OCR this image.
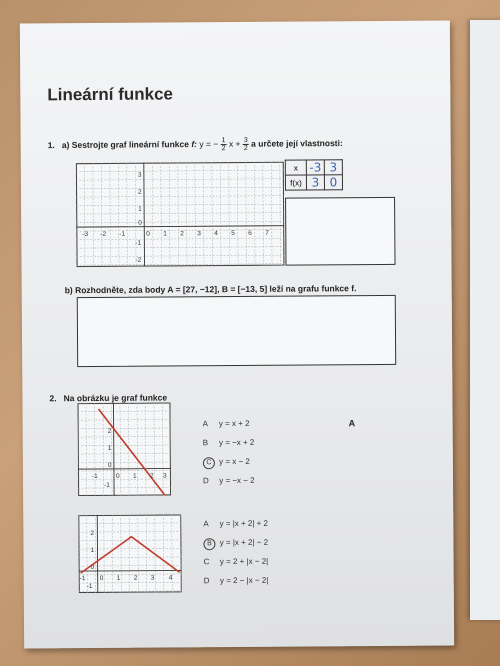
Lineární funkce
1. a) Sestrojte graf lineární funkce f: y = − $\frac{1}{2}$ $x + \frac{3}{2}$ a určete její vlastnosti:
-3 -2 -1	0 1 2 3 4 5 6 7
3
2
1
0
-1
-2
x	-3	3
f(x)	3	0
b) Rozhodněte, zda body A = [27, −12], B = [−13, 5] leží na grafu funkce f.
2. Na obrázku je graf funkce
A
-1	0 1 2 3
2
1
0
-1
A y = x + 2
B y = −x + 2
C y = x − 2
D y = −x − 2
-1 0 1 2 3 4
2
1
0
-1
A y = |x + 2| + 2
B y = |x + 2| − 2
C y = 2 + |x − 2|
D y = 2 − |x − 2|
